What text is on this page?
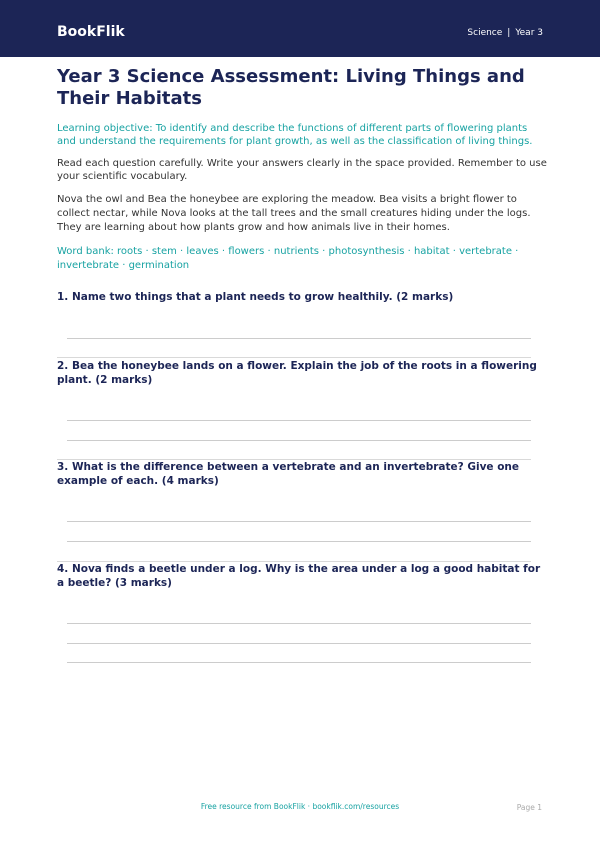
BookFlik	Science | Year 3
Year 3 Science Assessment: Living Things and Their Habitats

Learning objective: To identify and describe the functions of different parts of flowering plants and understand the requirements for plant growth, as well as the classification of living things.

Read each question carefully. Write your answers clearly in the space provided. Remember to use your scientific vocabulary.

Nova the owl and Bea the honeybee are exploring the meadow. Bea visits a bright flower to collect nectar, while Nova looks at the tall trees and the small creatures hiding under the logs. They are learning about how plants grow and how animals live in their homes.

Word bank: roots · stem · leaves · flowers · nutrients · photosynthesis · habitat · vertebrate · invertebrate · germination

1. Name two things that a plant needs to grow healthily. (2 marks)
2. Bea the honeybee lands on a flower. Explain the job of the roots in a flowering plant. (2 marks)
3. What is the difference between a vertebrate and an invertebrate? Give one example of each. (4 marks)
4. Nova finds a beetle under a log. Why is the area under a log a good habitat for a beetle? (3 marks)
Free resource from BookFlik · bookflik.com/resources	Page 1
